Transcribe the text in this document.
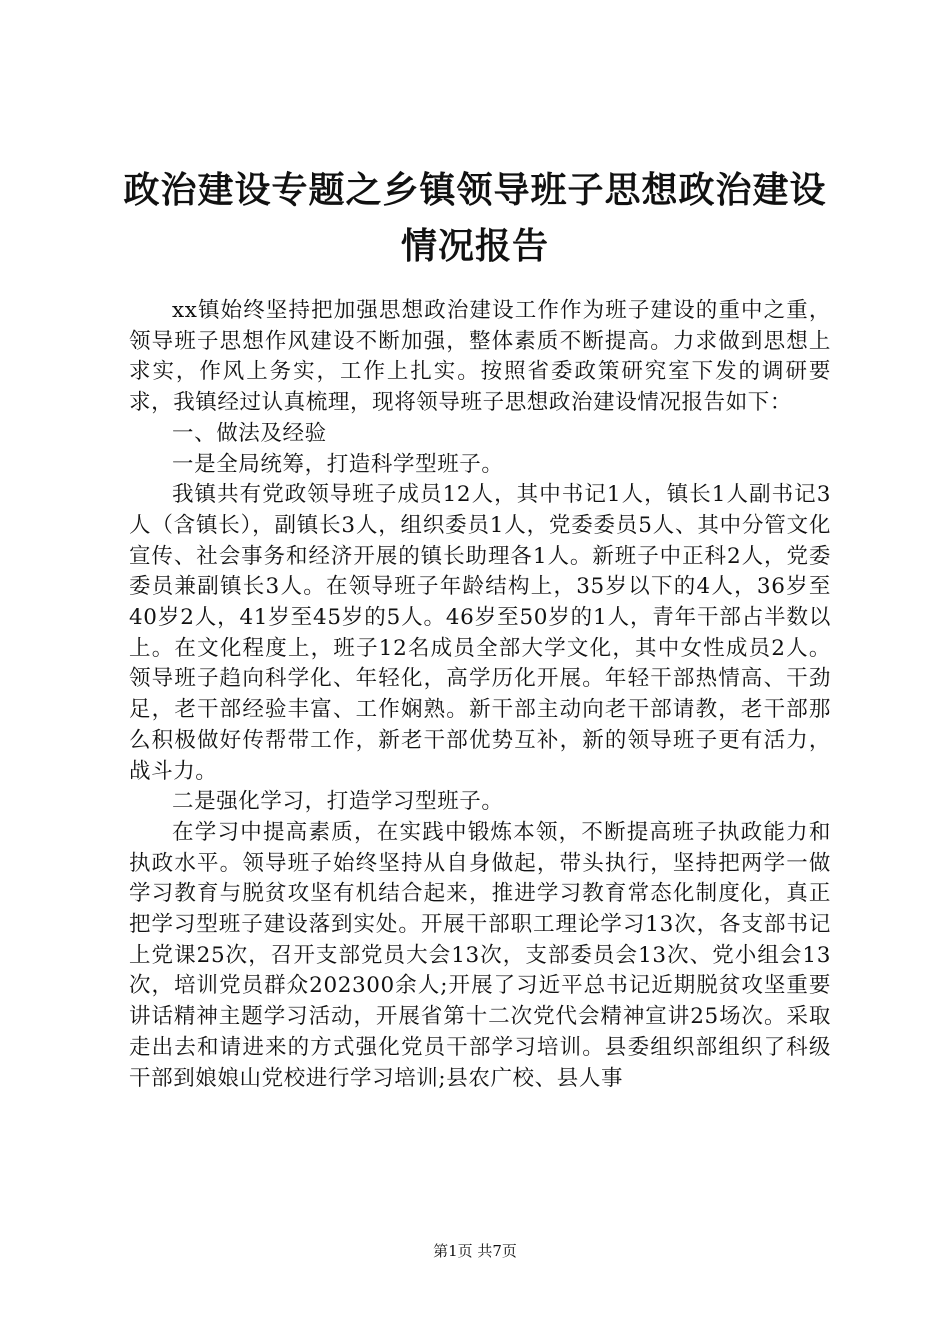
政治建设专题之乡镇领导班子思想政治建设情况报告

xx镇始终坚持把加强思想政治建设工作作为班子建设的重中之重，领导班子思想作风建设不断加强，整体素质不断提高。力求做到思想上求实，作风上务实，工作上扎实。按照省委政策研究室下发的调研要求，我镇经过认真梳理，现将领导班子思想政治建设情况报告如下：

一、做法及经验

一是全局统筹，打造科学型班子。

我镇共有党政领导班子成员12人，其中书记1人，镇长1人副书记3人（含镇长），副镇长3人，组织委员1人，党委委员5人、其中分管文化宣传、社会事务和经济开展的镇长助理各1人。新班子中正科2人，党委委员兼副镇长3人。在领导班子年龄结构上，35岁以下的4人，36岁至40岁2人，41岁至45岁的5人。46岁至50岁的1人，青年干部占半数以上。在文化程度上，班子12名成员全部大学文化，其中女性成员2人。领导班子趋向科学化、年轻化，高学历化开展。年轻干部热情高、干劲足，老干部经验丰富、工作娴熟。新干部主动向老干部请教，老干部那么积极做好传帮带工作，新老干部优势互补，新的领导班子更有活力，战斗力。

二是强化学习，打造学习型班子。

在学习中提高素质，在实践中锻炼本领，不断提高班子执政能力和执政水平。领导班子始终坚持从自身做起，带头执行，坚持把两学一做学习教育与脱贫攻坚有机结合起来，推进学习教育常态化制度化，真正把学习型班子建设落到实处。开展干部职工理论学习13次，各支部书记上党课25次，召开支部党员大会13次，支部委员会13次、党小组会13次，培训党员群众202300余人;开展了习近平总书记近期脱贫攻坚重要讲话精神主题学习活动，开展省第十二次党代会精神宣讲25场次。采取走出去和请进来的方式强化党员干部学习培训。县委组织部组织了科级干部到娘娘山党校进行学习培训;县农广校、县人事

第1页 共7页
